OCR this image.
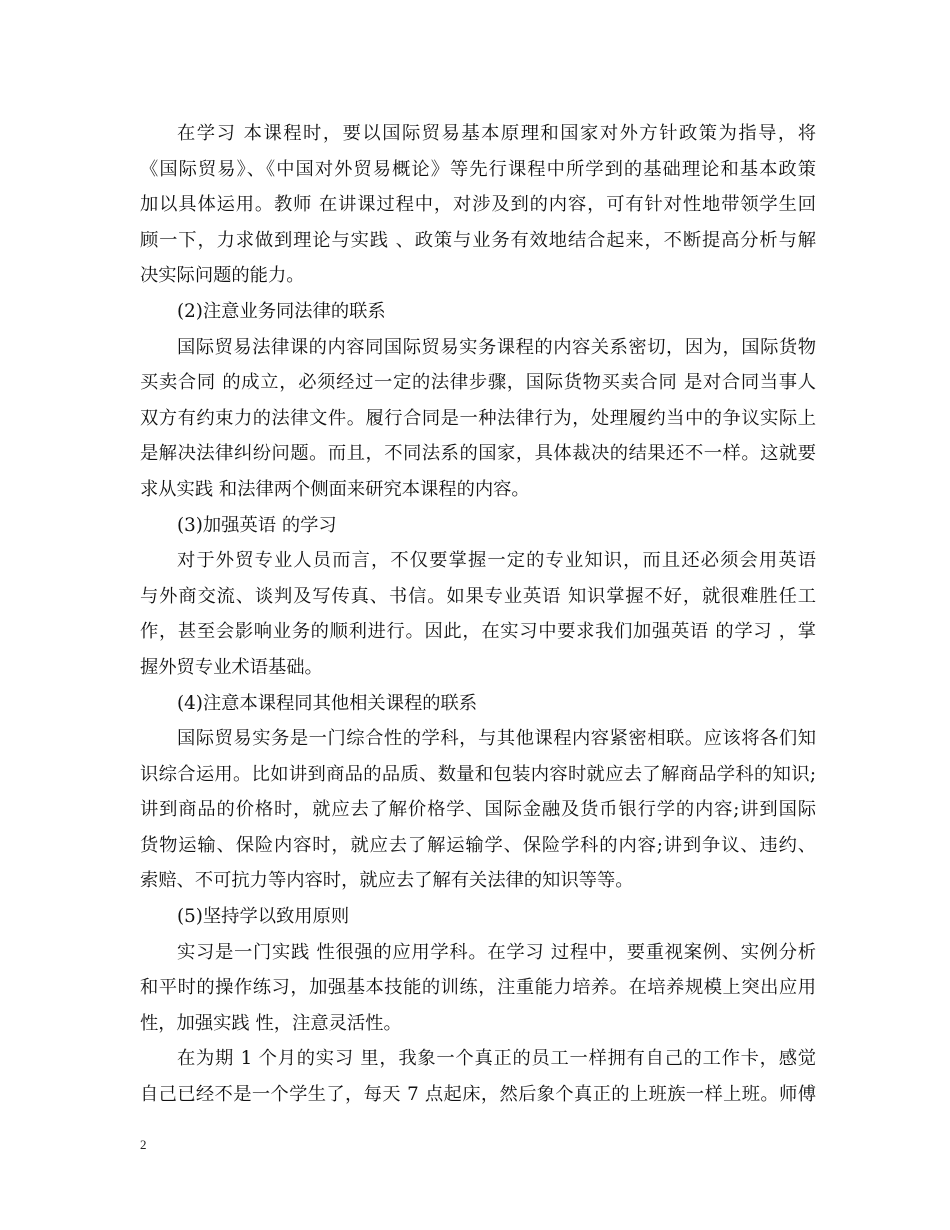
在学习 本课程时，要以国际贸易基本原理和国家对外方针政策为指导，将
《国际贸易》、《中国对外贸易概论》等先行课程中所学到的基础理论和基本政策
加以具体运用。教师 在讲课过程中，对涉及到的内容，可有针对性地带领学生回
顾一下，力求做到理论与实践 、政策与业务有效地结合起来，不断提高分析与解
决实际问题的能力。
(2)注意业务同法律的联系
国际贸易法律课的内容同国际贸易实务课程的内容关系密切，因为，国际货物
买卖合同 的成立，必须经过一定的法律步骤，国际货物买卖合同 是对合同当事人
双方有约束力的法律文件。履行合同是一种法律行为，处理履约当中的争议实际上
是解决法律纠纷问题。而且，不同法系的国家，具体裁决的结果还不一样。这就要
求从实践 和法律两个侧面来研究本课程的内容。
(3)加强英语 的学习
对于外贸专业人员而言，不仅要掌握一定的专业知识，而且还必须会用英语
与外商交流、谈判及写传真、书信。如果专业英语 知识掌握不好，就很难胜任工
作，甚至会影响业务的顺利进行。因此，在实习中要求我们加强英语 的学习 ，掌
握外贸专业术语基础。
(4)注意本课程同其他相关课程的联系
国际贸易实务是一门综合性的学科，与其他课程内容紧密相联。应该将各们知
识综合运用。比如讲到商品的品质、数量和包装内容时就应去了解商品学科的知识;
讲到商品的价格时，就应去了解价格学、国际金融及货币银行学的内容;讲到国际
货物运输、保险内容时，就应去了解运输学、保险学科的内容;讲到争议、违约、
索赔、不可抗力等内容时，就应去了解有关法律的知识等等。
(5)坚持学以致用原则
实习是一门实践 性很强的应用学科。在学习 过程中，要重视案例、实例分析
和平时的操作练习，加强基本技能的训练，注重能力培养。在培养规模上突出应用
性，加强实践 性，注意灵活性。
在为期 1 个月的实习 里，我象一个真正的员工一样拥有自己的工作卡，感觉
自己已经不是一个学生了，每天 7 点起床，然后象个真正的上班族一样上班。师傅
2
